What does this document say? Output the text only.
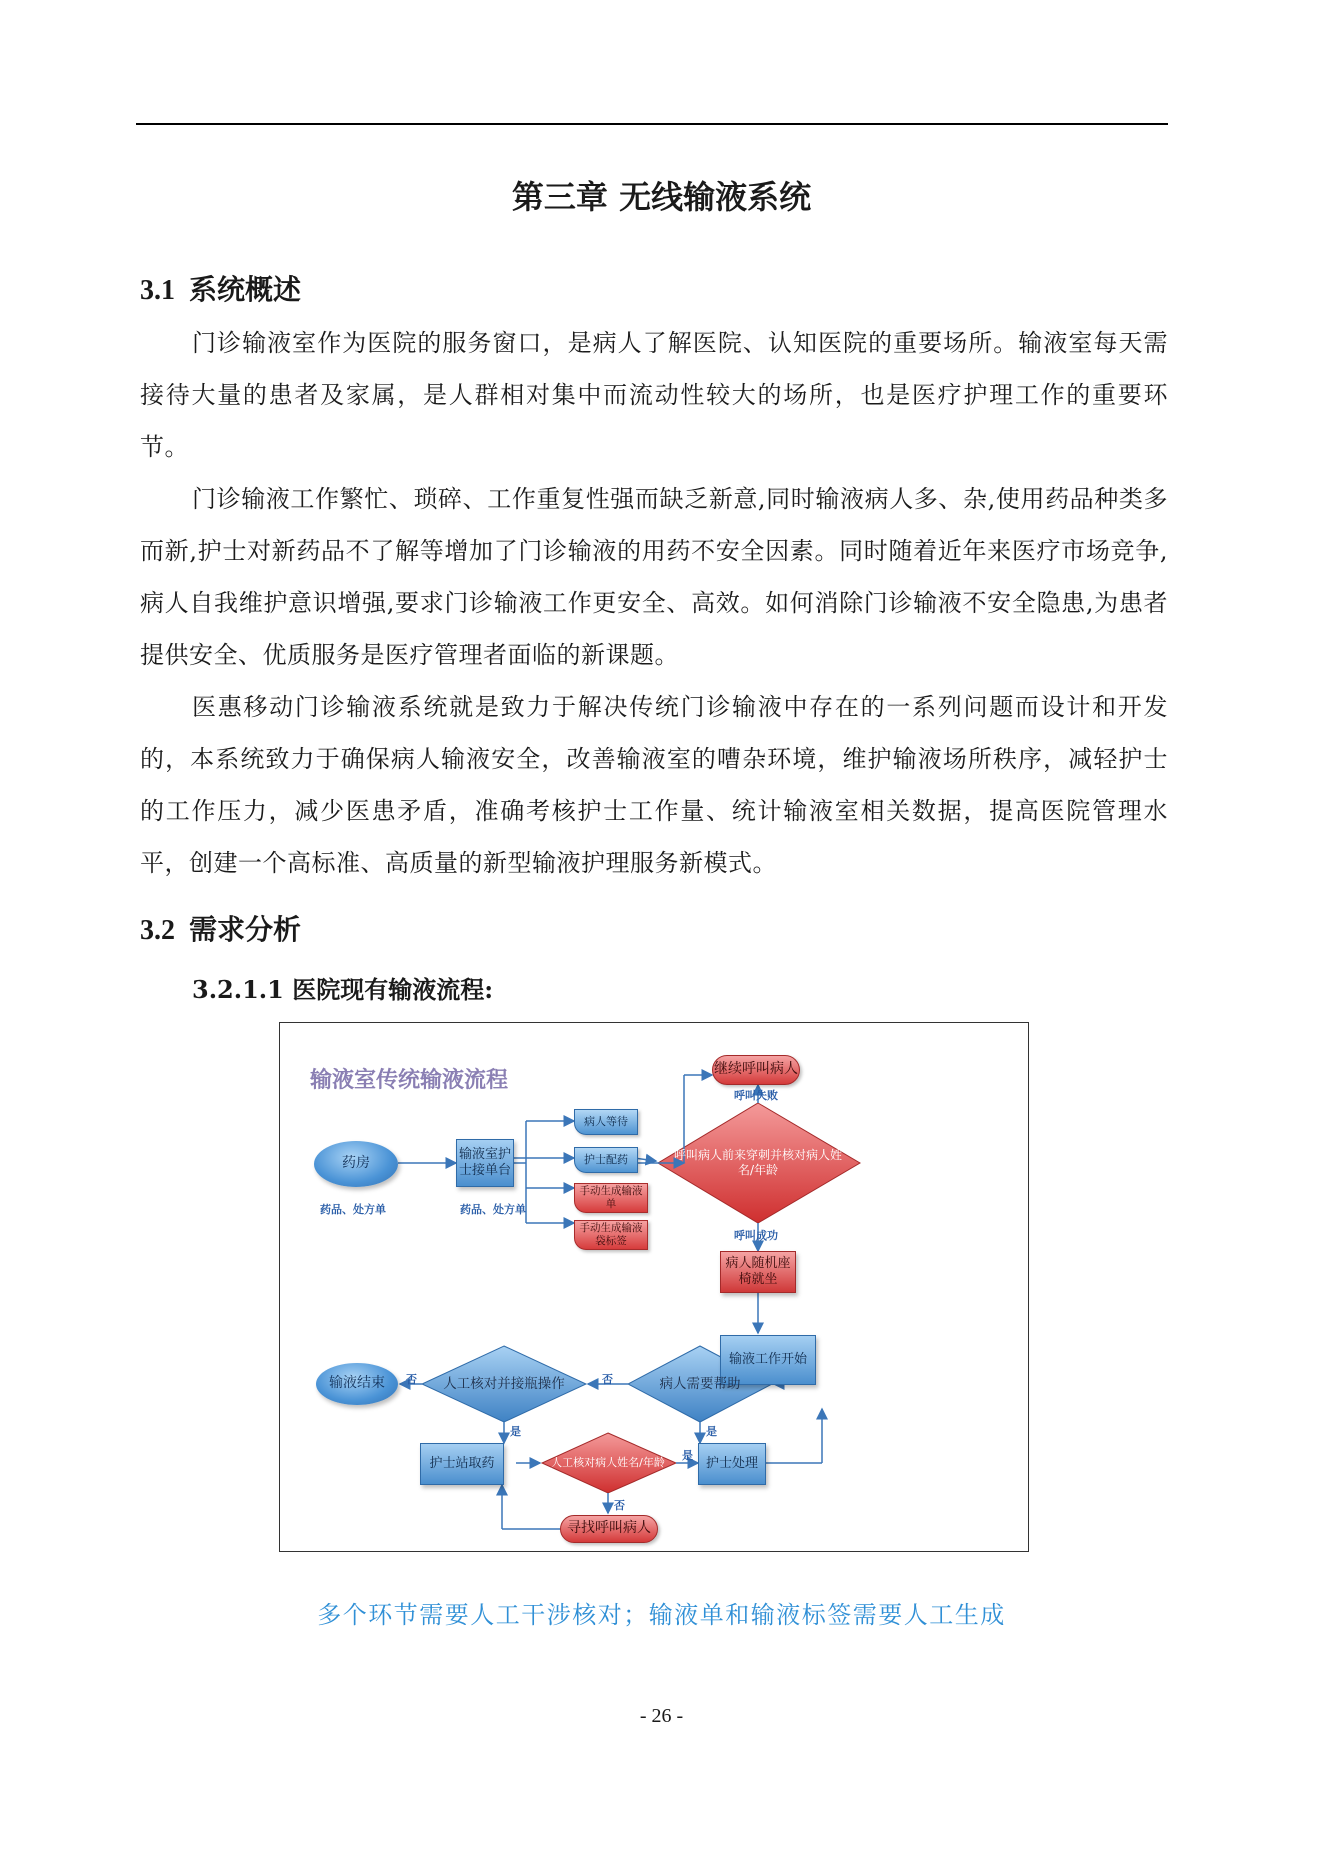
第三章 无线输液系统
3.1 系统概述

门诊输液室作为医院的服务窗口，是病人了解医院、认知医院的重要场所。输液室每天需接待大量的患者及家属，是人群相对集中而流动性较大的场所，也是医疗护理工作的重要环节。

门诊输液工作繁忙、琐碎、工作重复性强而缺乏新意,同时输液病人多、杂,使用药品种类多而新,护士对新药品不了解等增加了门诊输液的用药不安全因素。同时随着近年来医疗市场竞争,病人自我维护意识增强,要求门诊输液工作更安全、高效。如何消除门诊输液不安全隐患,为患者提供安全、优质服务是医疗管理者面临的新课题。

医惠移动门诊输液系统就是致力于解决传统门诊输液中存在的一系列问题而设计和开发的，本系统致力于确保病人输液安全，改善输液室的嘈杂环境，维护输液场所秩序，减轻护士的工作压力，减少医患矛盾，准确考核护士工作量、统计输液室相关数据，提高医院管理水平，创建一个高标准、高质量的新型输液护理服务新模式。

3.2 需求分析
3.2.1.1 医院现有输液流程:
输液室传统输液流程
药房
药品、处方单
输液室护士接单台
药品、处方单
病人等待
护士配药
手动生成输液单
手动生成输液袋标签
继续呼叫病人
呼叫失败
呼叫病人前来穿刺并核对病人姓名/年龄
呼叫成功
病人随机座椅就坐
输液工作开始
病人需要帮助
人工核对并接瓶操作
输液结束	否
否
是	是
护士站取药	人工核对病人姓名/年龄
是
护士处理
否
寻找呼叫病人
多个环节需要人工干涉核对；输液单和输液标签需要人工生成
- 26 -
